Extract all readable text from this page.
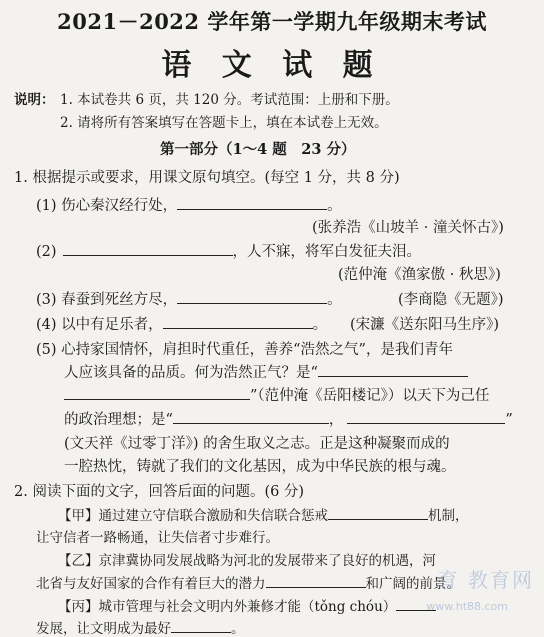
2021－2022 学年第一学期九年级期末考试
语 文 试 题
说明： 1. 本试卷共 6 页，共 120 分。考试范围：上册和下册。
2. 请将所有答案填写在答题卡上，填在本试卷上无效。
第一部分（1～4 题　23 分）
1. 根据提示或要求，用课文原句填空。(每空 1 分，共 8 分)
(1) 伤心秦汉经行处，	。
(张养浩《山坡羊 · 潼关怀古》)
(2)	，人不寐，将军白发征夫泪。
(范仲淹《渔家傲 · 秋思》)
(3) 春蚕到死丝方尽，	。	(李商隐《无题》)
(4) 以中有足乐者，	。 (宋濂《送东阳马生序》)
(5) 心持家国情怀，肩担时代重任，善养“浩然之气”，是我们青年
人应该具备的品质。何为浩然正气？是“
”（范仲淹《岳阳楼记》）以天下为己任
的政治理想；是“	，	”
(文天祥《过零丁洋》) 的舍生取义之志。正是这种凝聚而成的
一腔热忱，铸就了我们的文化基因，成为中华民族的根与魂。
2. 阅读下面的文字，回答后面的问题。(6 分)
【甲】通过建立守信联合激励和失信联合惩戒	机制，
让守信者一路畅通，让失信者寸步难行。
【乙】京津冀协同发展战略为河北的发展带来了良好的机遇，河
北省与友好国家的合作有着巨大的潜力	和广阔的前景。
【丙】城市管理与社会文明内外兼修才能（tǒng chóu）
发展，让文明成为最好	。
育 教育网
www.ht88.com
